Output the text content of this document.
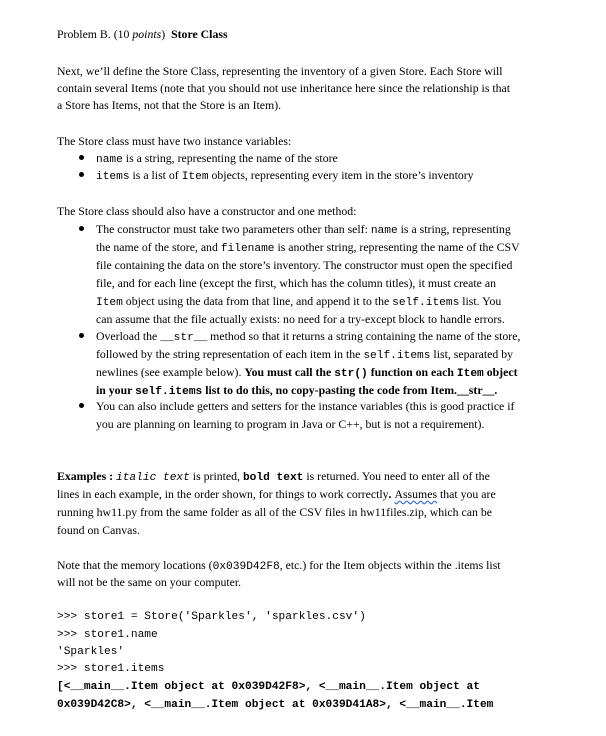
Problem B. (10 points) Store Class
Next, we’ll define the Store Class, representing the inventory of a given Store. Each Store will
contain several Items (note that you should not use inheritance here since the relationship is that
a Store has Items, not that the Store is an Item).
The Store class must have two instance variables:
name is a string, representing the name of the store
items is a list of Item objects, representing every item in the store’s inventory
The Store class should also have a constructor and one method:
The constructor must take two parameters other than self: name is a string, representing
the name of the store, and filename is another string, representing the name of the CSV
file containing the data on the store’s inventory. The constructor must open the specified
file, and for each line (except the first, which has the column titles), it must create an
Item object using the data from that line, and append it to the self.items list. You
can assume that the file actually exists: no need for a try-except block to handle errors.
Overload the __str__ method so that it returns a string containing the name of the store,
followed by the string representation of each item in the self.items list, separated by
newlines (see example below). You must call the str() function on each Item object
in your self.items list to do this, no copy-pasting the code from Item.__str__.
You can also include getters and setters for the instance variables (this is good practice if
you are planning on learning to program in Java or C++, but is not a requirement).
Examples : italic text is printed, bold text is returned. You need to enter all of the
lines in each example, in the order shown, for things to work correctly. Assumes that you are
running hw11.py from the same folder as all of the CSV files in hw11files.zip, which can be
found on Canvas.
Note that the memory locations (0x039D42F8, etc.) for the Item objects within the .items list
will not be the same on your computer.
>>> store1 = Store('Sparkles', 'sparkles.csv')
>>> store1.name
'Sparkles'
>>> store1.items
[<__main__.Item object at 0x039D42F8>, <__main__.Item object at
0x039D42C8>, <__main__.Item object at 0x039D41A8>, <__main__.Item
